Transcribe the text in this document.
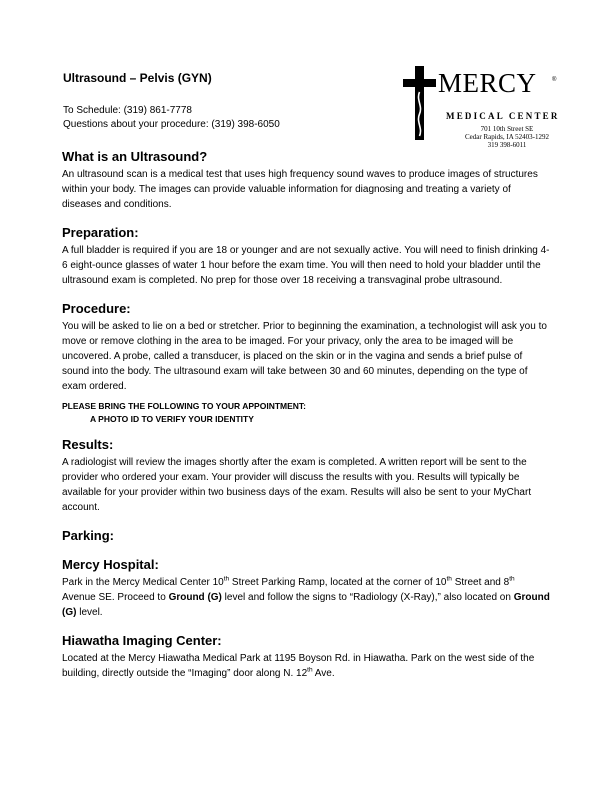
Ultrasound – Pelvis (GYN)
To Schedule: (319) 861-7778
Questions about your procedure: (319) 398-6050
MERCY	®
MEDICAL CENTER
701 10th Street SE
Cedar Rapids, IA 52403-1292
319 398-6011
What is an Ultrasound?

An ultrasound scan is a medical test that uses high frequency sound waves to produce images of structures within your body. The images can provide valuable information for diagnosing and treating a variety of diseases and conditions.

Preparation:

A full bladder is required if you are 18 or younger and are not sexually active. You will need to finish drinking 4-6 eight-ounce glasses of water 1 hour before the exam time. You will then need to hold your bladder until the ultrasound exam is completed. No prep for those over 18 receiving a transvaginal probe ultrasound.

Procedure:

You will be asked to lie on a bed or stretcher. Prior to beginning the examination, a technologist will ask you to move or remove clothing in the area to be imaged. For your privacy, only the area to be imaged will be uncovered. A probe, called a transducer, is placed on the skin or in the vagina and sends a brief pulse of sound into the body. The ultrasound exam will take between 30 and 60 minutes, depending on the type of exam ordered.

PLEASE BRING THE FOLLOWING TO YOUR APPOINTMENT:
A PHOTO ID TO VERIFY YOUR IDENTITY
Results:

A radiologist will review the images shortly after the exam is completed. A written report will be sent to the provider who ordered your exam. Your provider will discuss the results with you. Results will typically be available for your provider within two business days of the exam. Results will also be sent to your MyChart account.

Parking:
Mercy Hospital:

Park in the Mercy Medical Center 10th Street Parking Ramp, located at the corner of 10th Street and 8th Avenue SE. Proceed to Ground (G) level and follow the signs to “Radiology (X-Ray),” also located on Ground (G) level.

Hiawatha Imaging Center:

Located at the Mercy Hiawatha Medical Park at 1195 Boyson Rd. in Hiawatha. Park on the west side of the building, directly outside the “Imaging” door along N. 12th Ave.
